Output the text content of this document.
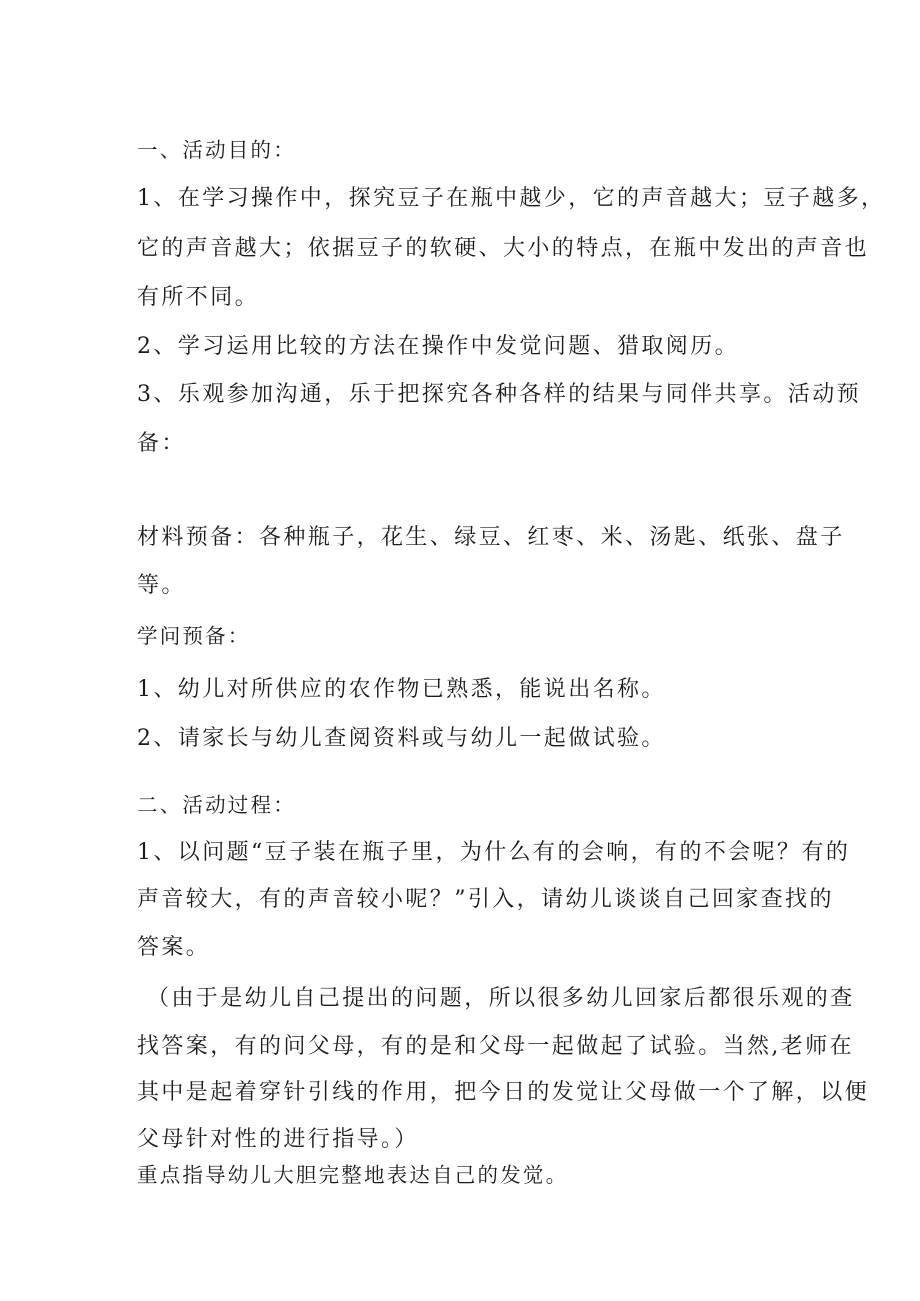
一、活动目的：
1、在学习操作中，探究豆子在瓶中越少，它的声音越大；豆子越多，
它的声音越大；依据豆子的软硬、大小的特点，在瓶中发出的声音也
有所不同。
2、学习运用比较的方法在操作中发觉问题、猎取阅历。
3、乐观参加沟通，乐于把探究各种各样的结果与同伴共享。活动预
备：
材料预备：各种瓶子，花生、绿豆、红枣、米、汤匙、纸张、盘子
等。
学问预备：
1、幼儿对所供应的农作物已熟悉，能说出名称。
2、请家长与幼儿查阅资料或与幼儿一起做试验。
二、活动过程：
1、以问题“豆子装在瓶子里，为什么有的会响，有的不会呢？有的
声音较大，有的声音较小呢？”引入，请幼儿谈谈自己回家查找的
答案。
（由于是幼儿自己提出的问题，所以很多幼儿回家后都很乐观的查
找答案，有的问父母，有的是和父母一起做起了试验。当然,老师在
其中是起着穿针引线的作用，把今日的发觉让父母做一个了解，以便
父母针对性的进行指导。）
重点指导幼儿大胆完整地表达自己的发觉。
